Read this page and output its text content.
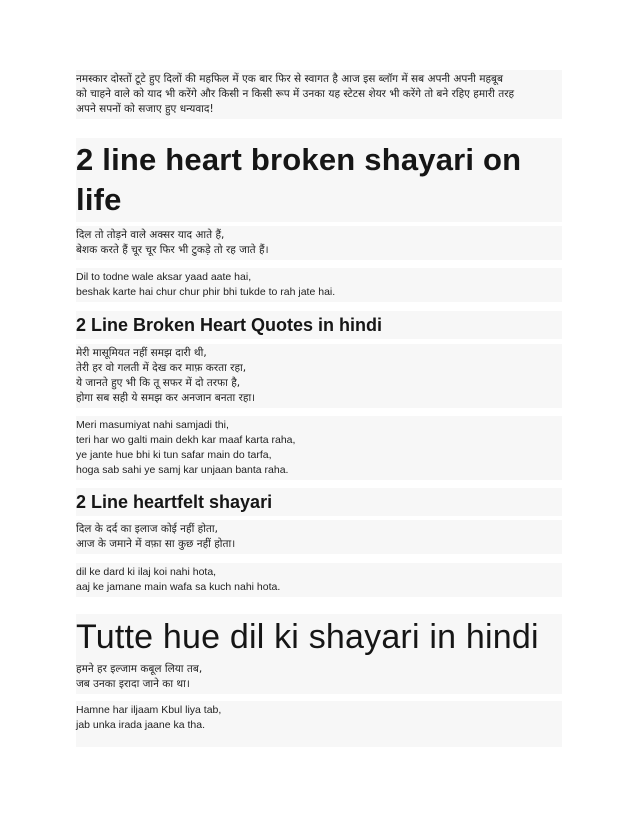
नमस्कार दोस्तों टूटे हुए दिलों की महफिल में एक बार फिर से स्वागत है आज इस ब्लॉग में सब अपनी अपनी महबूब
को चाहने वाले को याद भी करेंगे और किसी न किसी रूप में उनका यह स्टेटस शेयर भी करेंगे तो बने रहिए हमारी तरह
अपने सपनों को सजाए हुए धन्यवाद!
2 line heart broken shayari on
life
दिल तो तोड़ने वाले अक्सर याद आते हैं,
बेशक करते हैं चूर चूर फिर भी टुकड़े तो रह जाते हैं।
Dil to todne wale aksar yaad aate hai,
beshak karte hai chur chur phir bhi tukde to rah jate hai.
2 Line Broken Heart Quotes in hindi
मेरी मासूमियत नहीं समझ दारी थी,
तेरी हर वो गलती में देख कर माफ़ करता रहा,
ये जानते हुए भी कि तू सफर में दो तरफा है,
होगा सब सही ये समझ कर अनजान बनता रहा।
Meri masumiyat nahi samjadi thi,
teri har wo galti main dekh kar maaf karta raha,
ye jante hue bhi ki tun safar main do tarfa,
hoga sab sahi ye samj kar unjaan banta raha.
2 Line heartfelt shayari
दिल के दर्द का इलाज कोई नहीं होता,
आज के जमाने में वफ़ा सा कुछ नहीं होता।
dil ke dard ki ilaj koi nahi hota,
aaj ke jamane main wafa sa kuch nahi hota.
Tutte hue dil ki shayari in hindi
हमने हर इल्जाम कबूल लिया तब,
जब उनका इरादा जाने का था।
Hamne har iljaam Kbul liya tab,
jab unka irada jaane ka tha.
